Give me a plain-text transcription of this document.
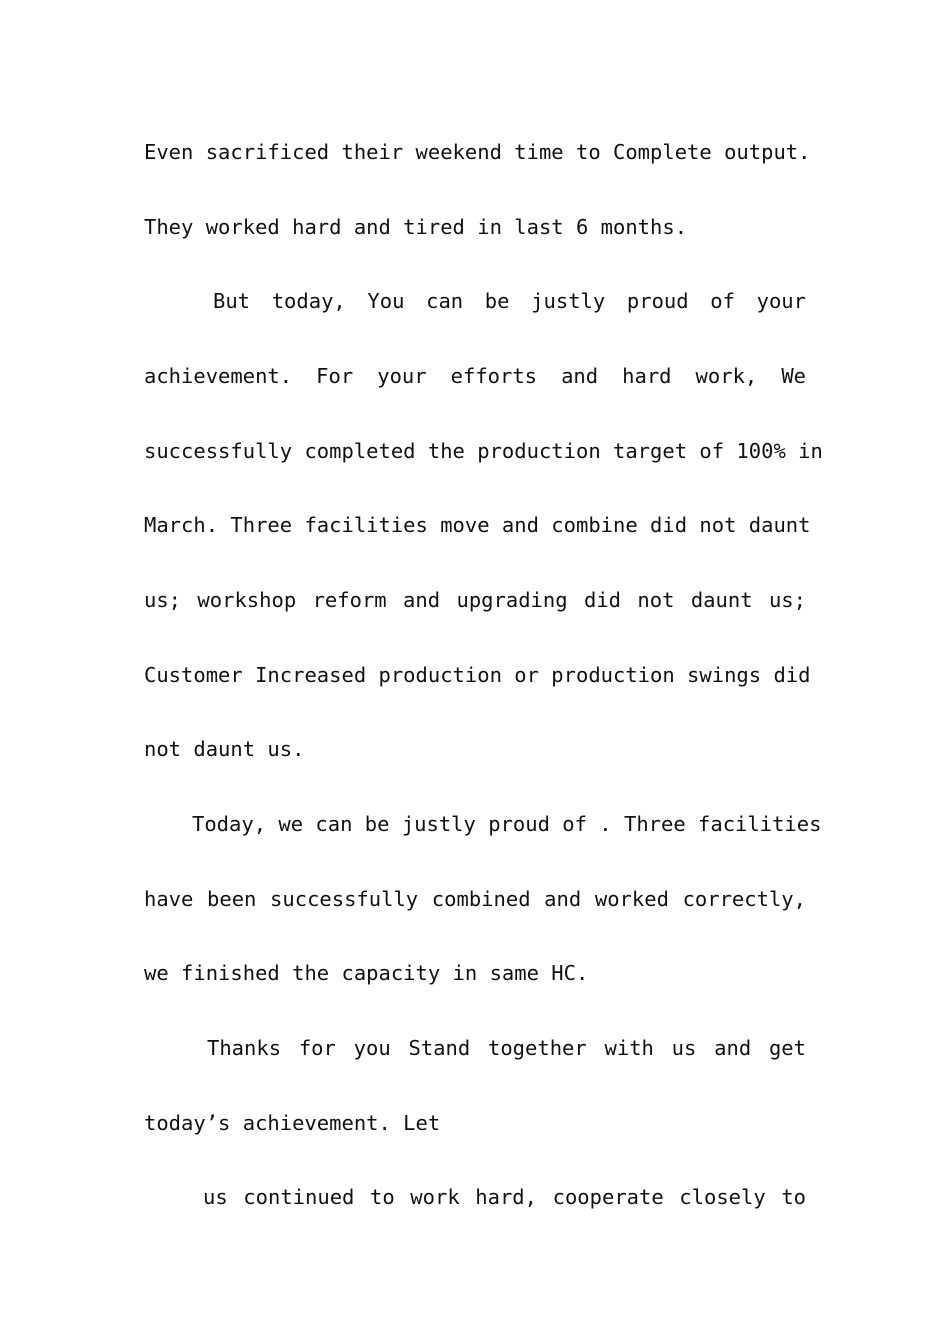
Even sacrificed their weekend time to Complete output.
They worked hard and tired in last 6 months.
But today, You can be justly proud of your
achievement. For your efforts and hard work, We
successfully completed the production target of 100% in
March. Three facilities move and combine did not daunt
us; workshop reform and upgrading did not daunt us;
Customer Increased production or production swings did
not daunt us.
Today, we can be justly proud of . Three facilities
have been successfully combined and worked correctly,
we finished the capacity in same HC.
Thanks for you Stand together with us and get
today’s achievement. Let
us continued to work hard, cooperate closely to
